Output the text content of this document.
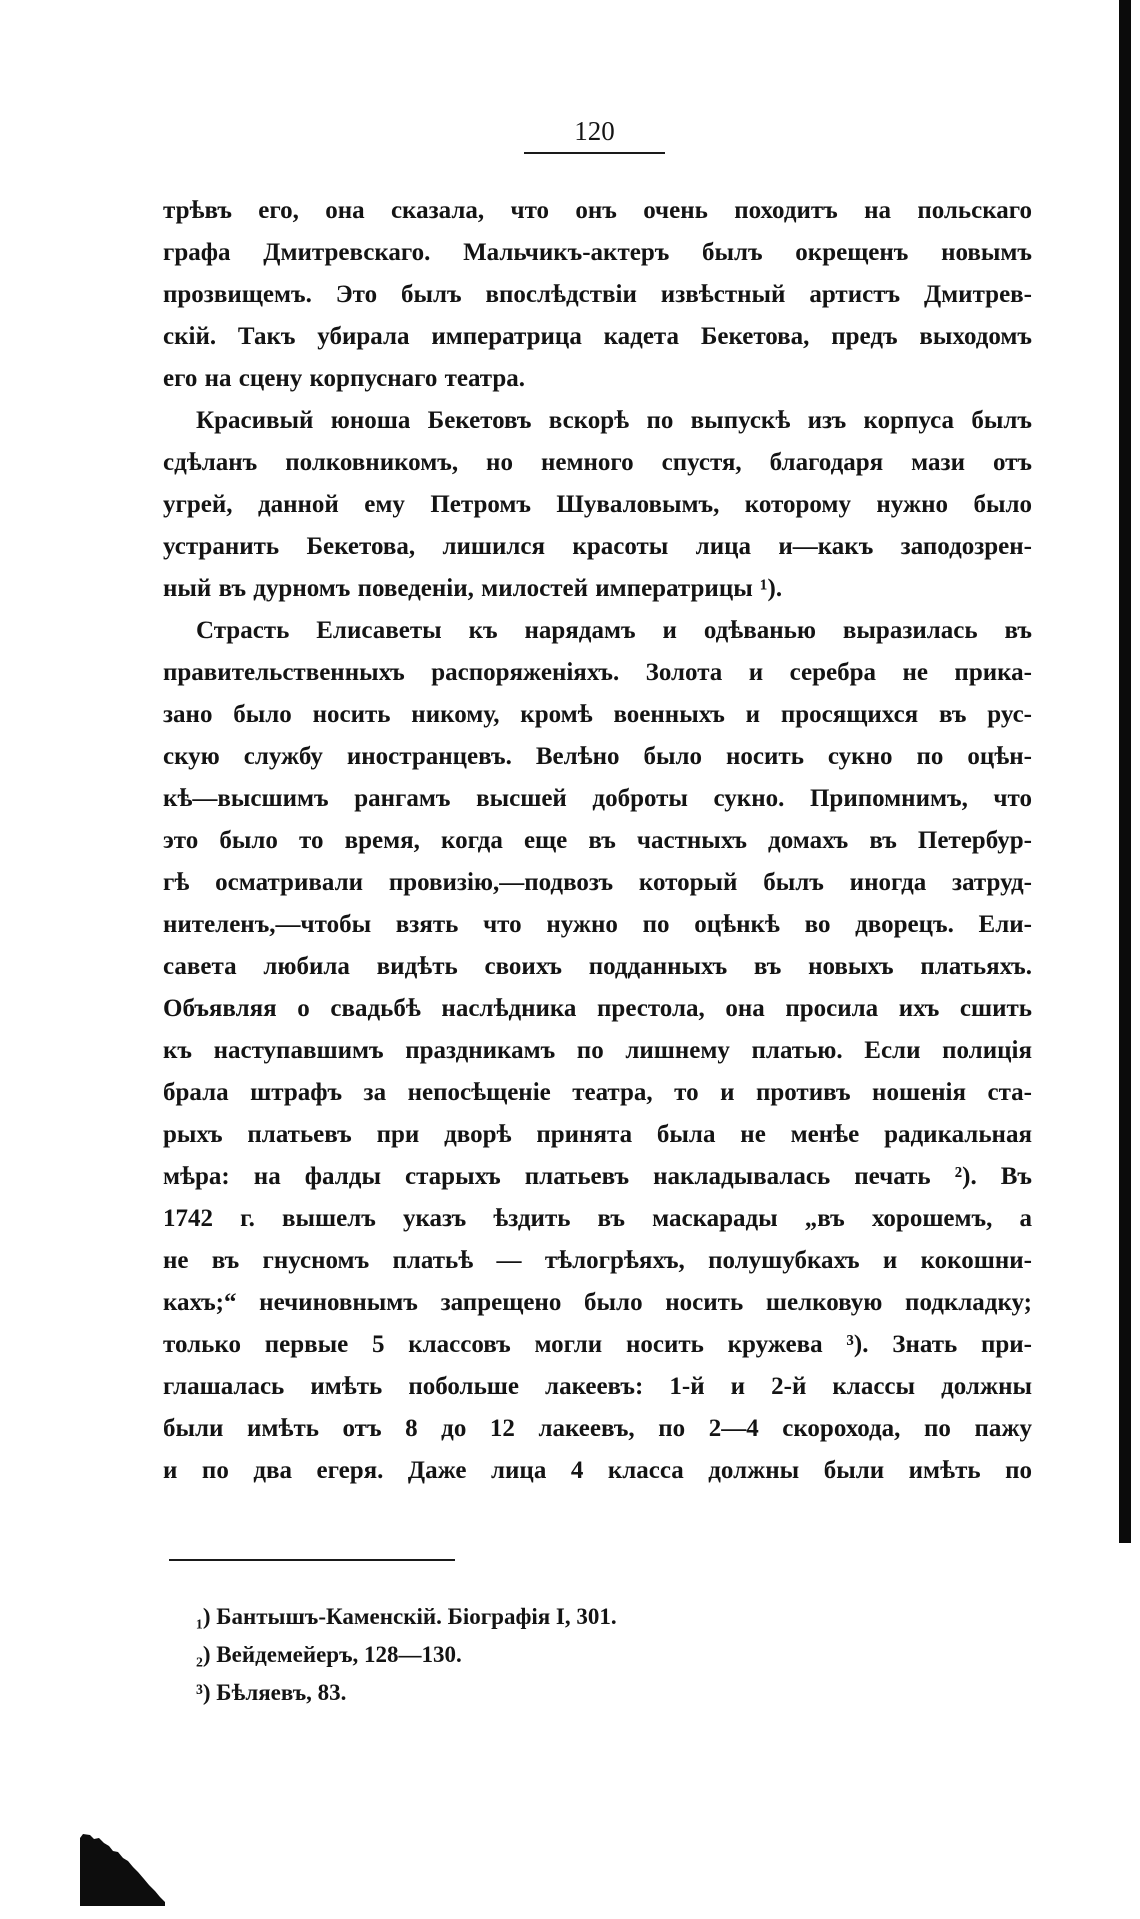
120
трѣвъ его, она сказала, что онъ очень походитъ на польскаго
графа Дмитревскаго. Мальчикъ-актеръ былъ окрещенъ новымъ
прозвищемъ. Это былъ впослѣдствіи извѣстный артистъ Дмитрев-
скій. Такъ убирала императрица кадета Бекетова, предъ выходомъ
его на сцену корпуснаго театра.
Красивый юноша Бекетовъ вскорѣ по выпускѣ изъ корпуса былъ
сдѣланъ полковникомъ, но немного спустя, благодаря мази отъ
угрей, данной ему Петромъ Шуваловымъ, которому нужно было
устранить Бекетова, лишился красоты лица и—какъ заподозрен-
ный въ дурномъ поведеніи, милостей императрицы ¹).
Страсть Елисаветы къ нарядамъ и одѣванью выразилась въ
правительственныхъ распоряженіяхъ. Золота и серебра не прика-
зано было носить никому, кромѣ военныхъ и просящихся въ рус-
скую службу иностранцевъ. Велѣно было носить сукно по оцѣн-
кѣ—высшимъ рангамъ высшей доброты сукно. Припомнимъ, что
это было то время, когда еще въ частныхъ домахъ въ Петербур-
гѣ осматривали провизію,—подвозъ который былъ иногда затруд-
нителенъ,—чтобы взять что нужно по оцѣнкѣ во дворецъ. Ели-
савета любила видѣть своихъ подданныхъ въ новыхъ платьяхъ.
Объявляя о свадьбѣ наслѣдника престола, она просила ихъ сшить
къ наступавшимъ праздникамъ по лишнему платью. Если полиція
брала штрафъ за непосѣщеніе театра, то и противъ ношенія ста-
рыхъ платьевъ при дворѣ принята была не менѣе радикальная
мѣра: на фалды старыхъ платьевъ накладывалась печать ²). Въ
1742 г. вышелъ указъ ѣздить въ маскарады „въ хорошемъ, а
не въ гнусномъ платьѣ — тѣлогрѣяхъ, полушубкахъ и кокошни-
кахъ;“ нечиновнымъ запрещено было носить шелковую подкладку;
только первые 5 классовъ могли носить кружева ³). Знать при-
глашалась имѣть побольше лакеевъ: 1-й и 2-й классы должны
были имѣть отъ 8 до 12 лакеевъ, по 2—4 скорохода, по пажу
и по два егеря. Даже лица 4 класса должны были имѣть по
₁) Бантышъ-Каменскій. Біографія I, 301.
₂) Вейдемейеръ, 128—130.
³) Бѣляевъ, 83.
